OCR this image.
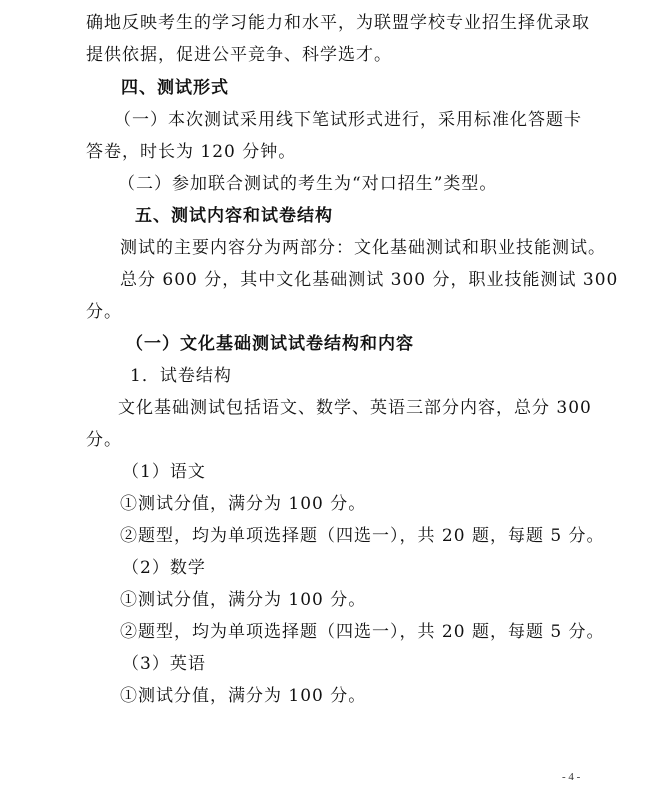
确地反映考生的学习能力和水平，为联盟学校专业招生择优录取
提供依据，促进公平竞争、科学选才。
四、测试形式
（一）本次测试采用线下笔试形式进行，采用标准化答题卡
答卷，时长为 120 分钟。
（二）参加联合测试的考生为“对口招生”类型。
五、测试内容和试卷结构
测试的主要内容分为两部分：文化基础测试和职业技能测试。
总分 600 分，其中文化基础测试 300 分，职业技能测试 300
分。
（一）文化基础测试试卷结构和内容
1．试卷结构
文化基础测试包括语文、数学、英语三部分内容，总分 300
分。
（1）语文
①测试分值，满分为 100 分。
②题型，均为单项选择题（四选一），共 20 题，每题 5 分。
（2）数学
①测试分值，满分为 100 分。
②题型，均为单项选择题（四选一），共 20 题，每题 5 分。
（3）英语
①测试分值，满分为 100 分。
- 4 -
